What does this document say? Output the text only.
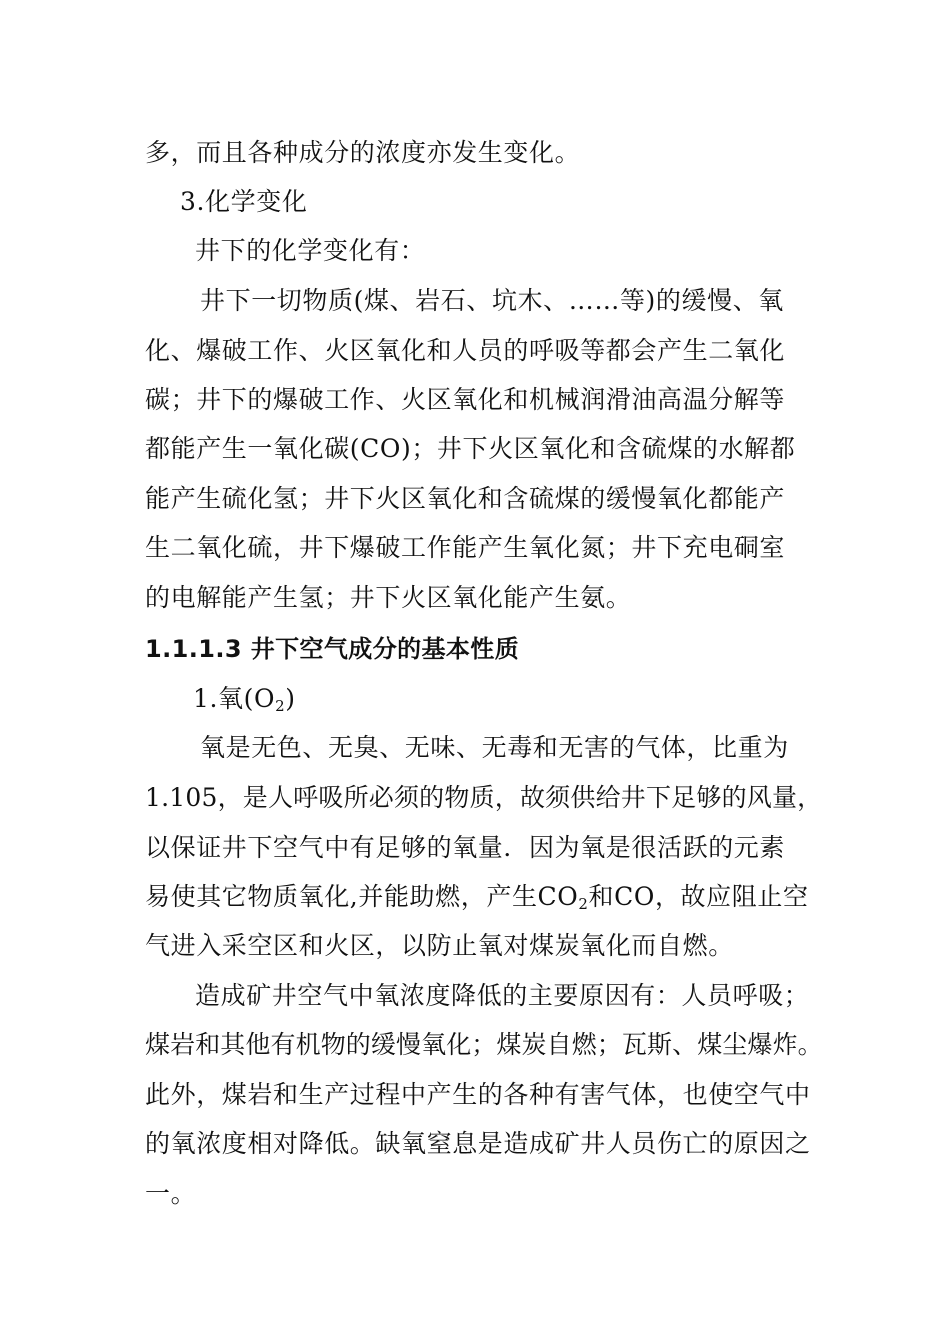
多，而且各种成分的浓度亦发生变化。
3.化学变化
井下的化学变化有：
井下一切物质(煤、岩石、坑木、……等)的缓慢、氧
化、爆破工作、火区氧化和人员的呼吸等都会产生二氧化
碳；井下的爆破工作、火区氧化和机械润滑油高温分解等
都能产生一氧化碳(CO)；井下火区氧化和含硫煤的水解都
能产生硫化氢；井下火区氧化和含硫煤的缓慢氧化都能产
生二氧化硫，井下爆破工作能产生氧化氮；井下充电硐室
的电解能产生氢；井下火区氧化能产生氨。
1.1.1.3 井下空气成分的基本性质
1.氧$(O_2)$
氧是无色、无臭、无味、无毒和无害的气体，比重为
1.105，是人呼吸所必须的物质，故须供给井下足够的风量，
以保证井下空气中有足够的氧量．因为氧是很活跃的元素
易使其它物质氧化,并能助燃，产生$CO_2$和CO，故应阻止空
气进入采空区和火区，以防止氧对煤炭氧化而自燃。
造成矿井空气中氧浓度降低的主要原因有：人员呼吸；
煤岩和其他有机物的缓慢氧化；煤炭自燃；瓦斯、煤尘爆炸。
此外，煤岩和生产过程中产生的各种有害气体，也使空气中
的氧浓度相对降低。缺氧窒息是造成矿井人员伤亡的原因之
一。
